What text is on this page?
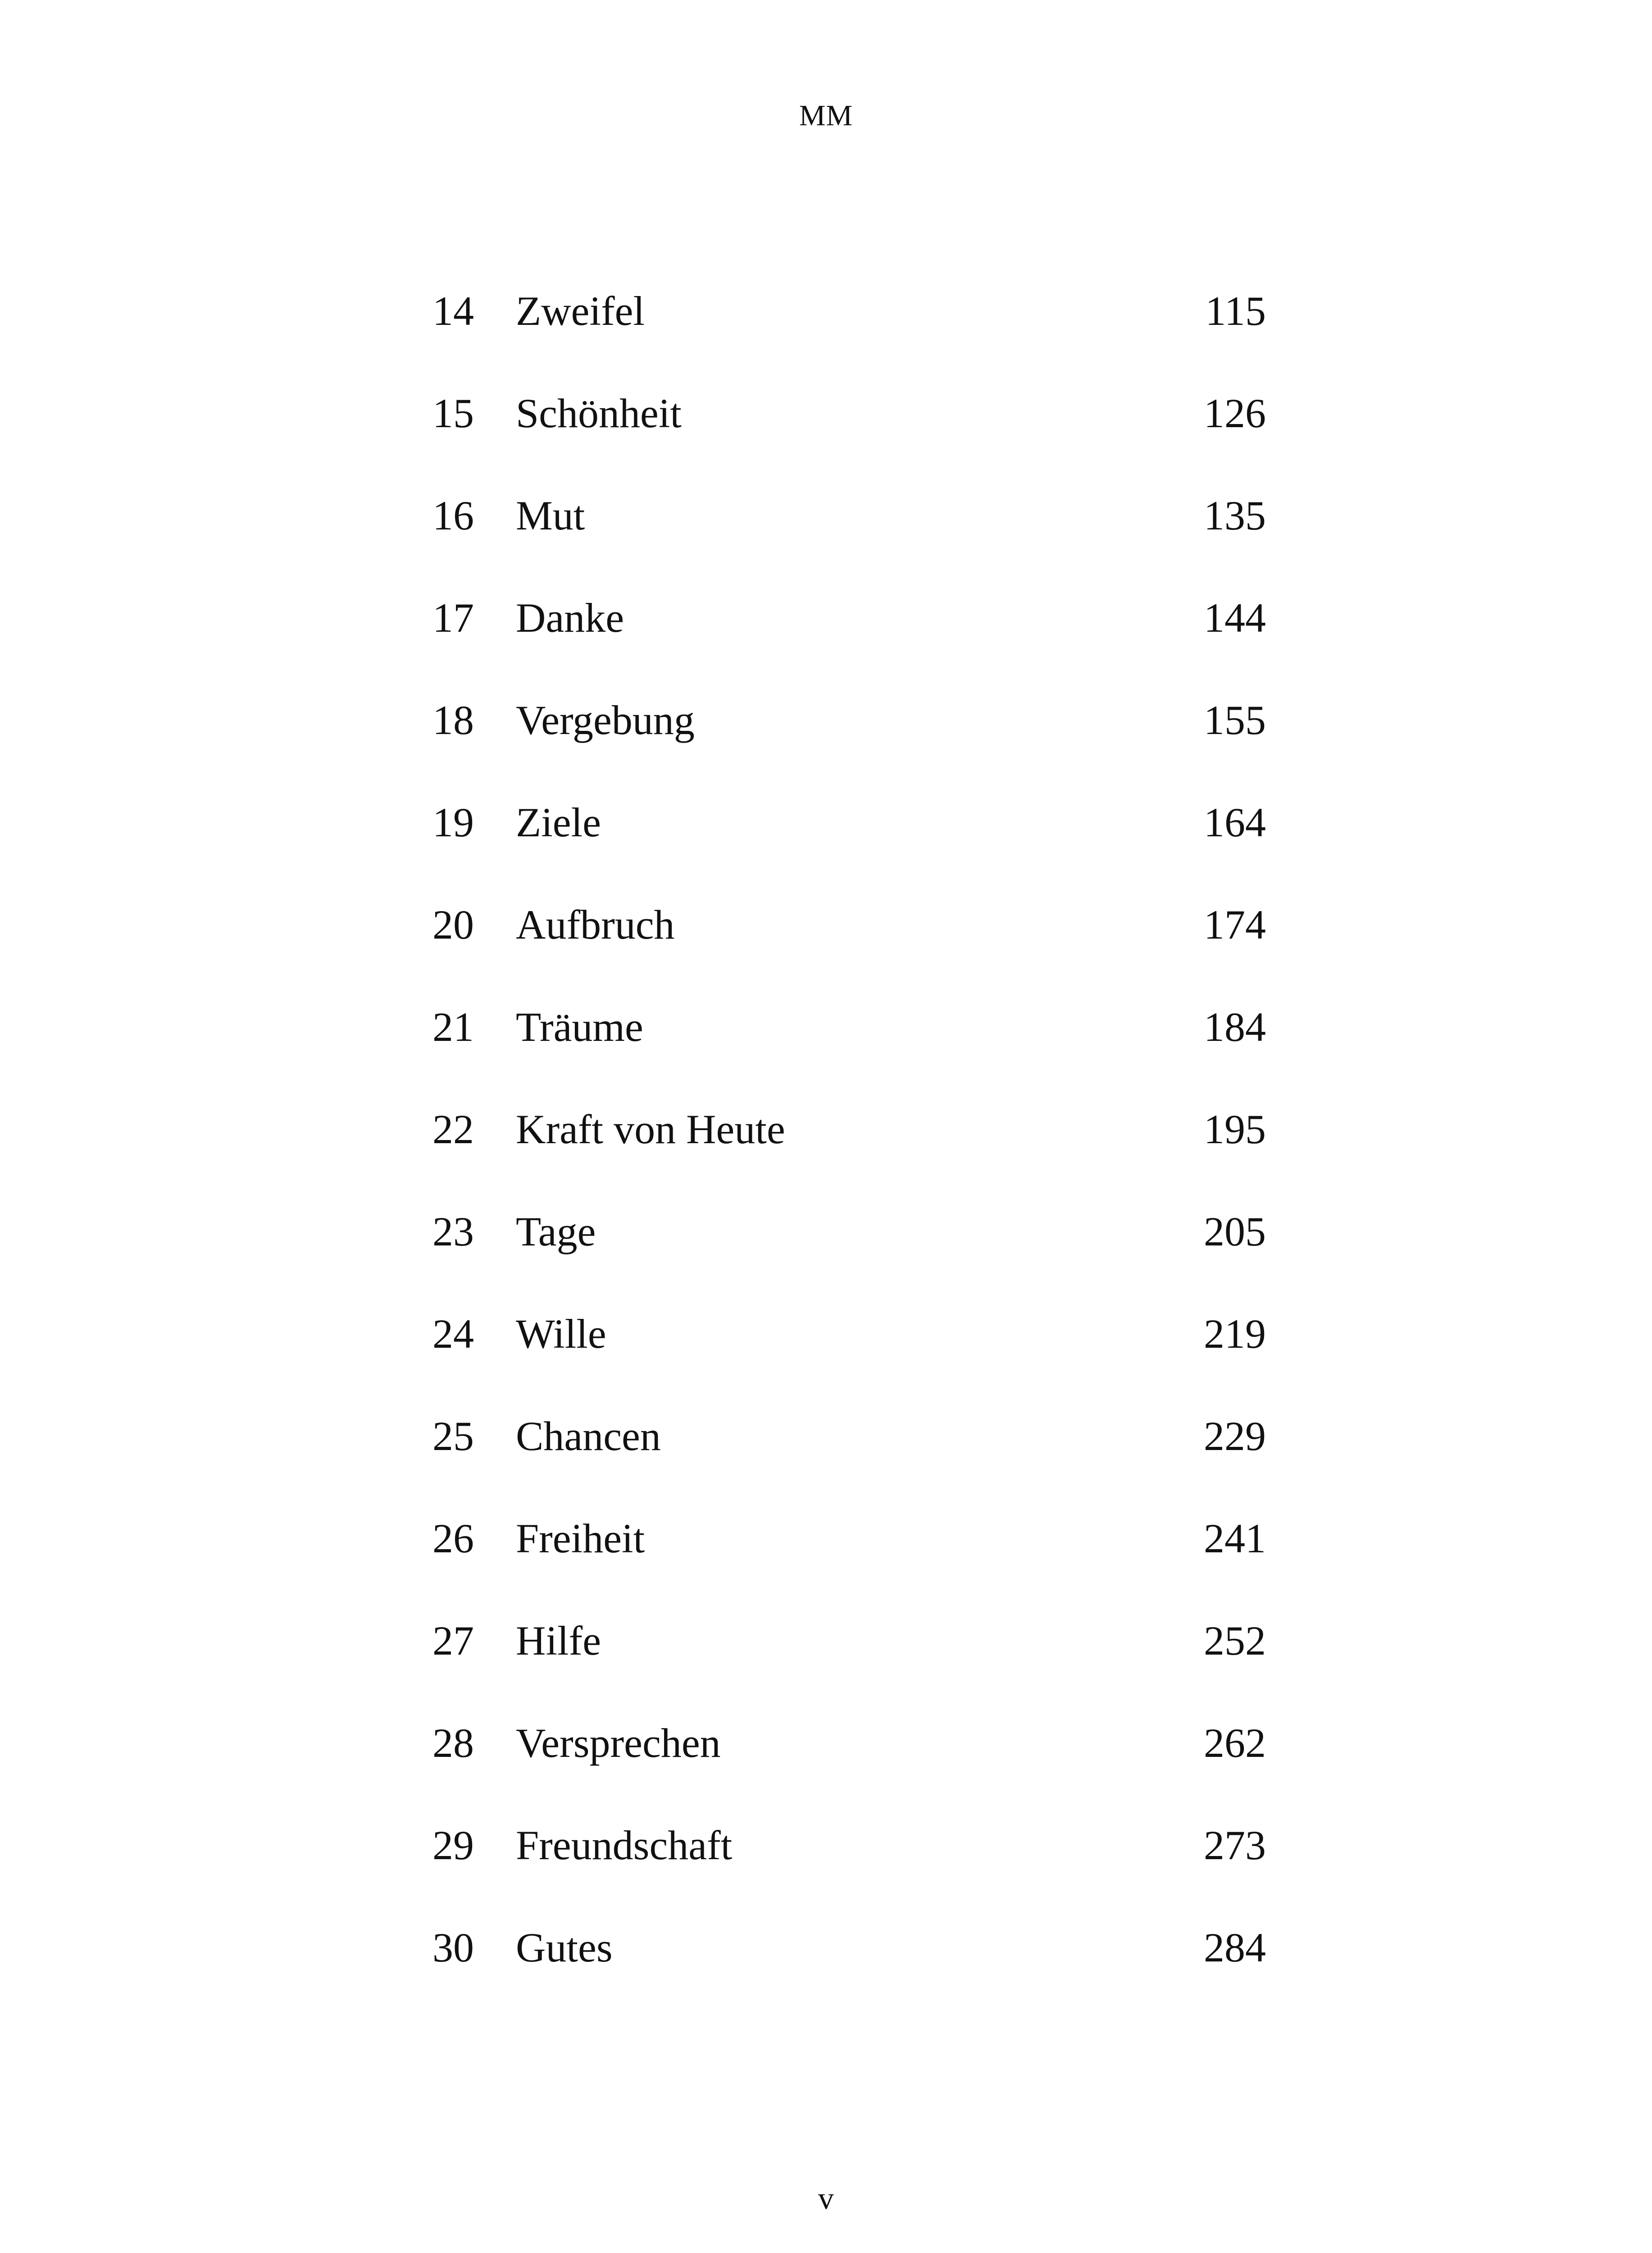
MM
14	Zweifel	115
15	Schönheit	126
16	Mut	135
17	Danke	144
18	Vergebung	155
19	Ziele	164
20	Aufbruch	174
21	Träume	184
22	Kraft von Heute	195
23	Tage	205
24	Wille	219
25	Chancen	229
26	Freiheit	241
27	Hilfe	252
28	Versprechen	262
29	Freundschaft	273
30	Gutes	284
v
